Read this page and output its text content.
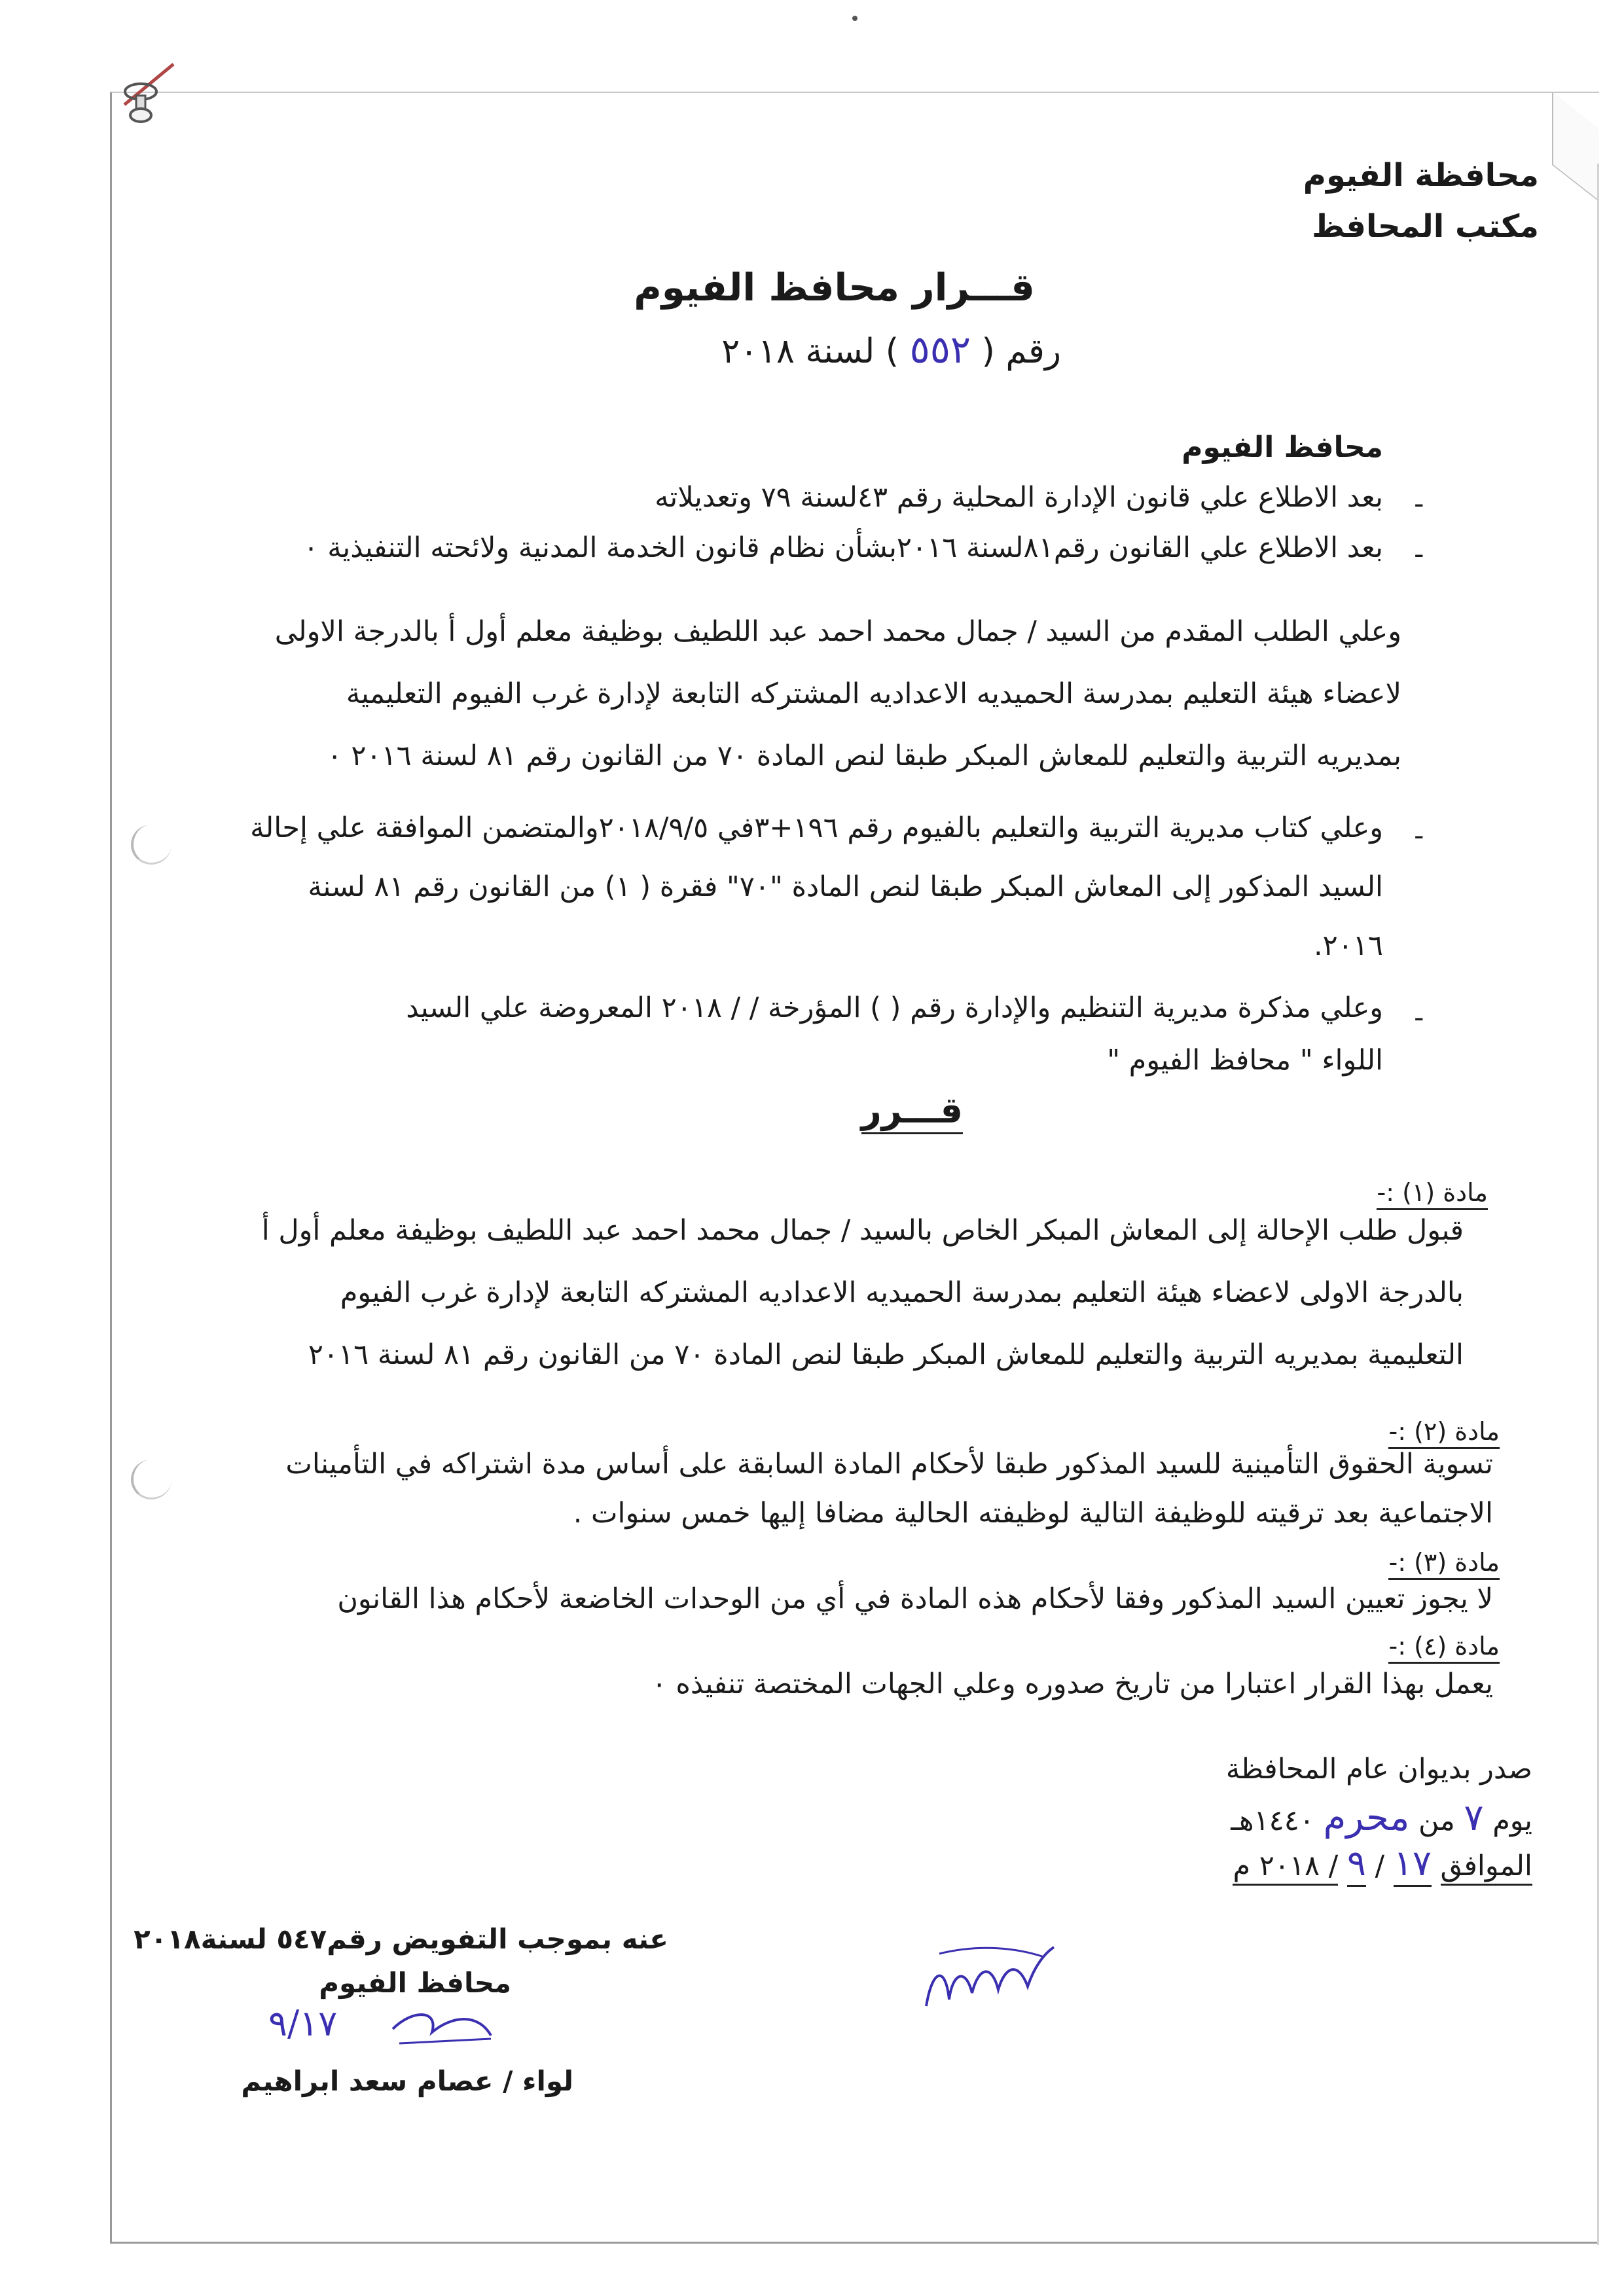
محافظة الفيوم
مكتب المحافظ
قـــرار محافظ الفيوم
رقم ( ٥٥٢ ) لسنة ٢٠١٨
محافظ الفيوم
-
بعد الاطلاع علي قانون الإدارة المحلية رقم ٤٣لسنة ٧٩ وتعديلاته
-
بعد الاطلاع علي القانون رقم٨١لسنة ٢٠١٦بشأن نظام قانون الخدمة المدنية ولائحته التنفيذية ٠
وعلي الطلب المقدم من السيد / جمال محمد احمد عبد اللطيف بوظيفة معلم أول أ بالدرجة الاولى
لاعضاء هيئة التعليم بمدرسة الحميديه الاعداديه المشتركه التابعة لإدارة غرب الفيوم التعليمية
بمديريه التربية والتعليم للمعاش المبكر طبقا لنص المادة ٧٠ من القانون رقم ٨١ لسنة ٢٠١٦ ٠
-
وعلي كتاب مديرية التربية والتعليم بالفيوم رقم ١٩٦+٣في ٢٠١٨/٩/٥والمتضمن الموافقة علي إحالة
السيد المذكور إلى المعاش المبكر طبقا لنص المادة "٧٠" فقرة ( ١) من القانون رقم ٨١ لسنة
٢٠١٦.
-
وعلي مذكرة مديرية التنظيم والإدارة رقم ( ) المؤرخة / / ٢٠١٨ المعروضة علي السيد
اللواء " محافظ الفيوم "
قـــرر
مادة (١) :-
قبول طلب الإحالة إلى المعاش المبكر الخاص بالسيد / جمال محمد احمد عبد اللطيف بوظيفة معلم أول أ
بالدرجة الاولى لاعضاء هيئة التعليم بمدرسة الحميديه الاعداديه المشتركه التابعة لإدارة غرب الفيوم
التعليمية بمديريه التربية والتعليم للمعاش المبكر طبقا لنص المادة ٧٠ من القانون رقم ٨١ لسنة ٢٠١٦
مادة (٢) :-
تسوية الحقوق التأمينية للسيد المذكور طبقا لأحكام المادة السابقة على أساس مدة اشتراكه في التأمينات
الاجتماعية بعد ترقيته للوظيفة التالية لوظيفته الحالية مضافا إليها خمس سنوات .
مادة (٣) :-
لا يجوز تعيين السيد المذكور وفقا لأحكام هذه المادة في أي من الوحدات الخاضعة لأحكام هذا القانون
مادة (٤) :-
يعمل بهذا القرار اعتبارا من تاريخ صدوره وعلي الجهات المختصة تنفيذه ٠
صدر بديوان عام المحافظة
يوم ٧ من محرم ١٤٤٠هـ
الموافق ١٧ / ٩ / ٢٠١٨ م
عنه بموجب التفويض رقم٥٤٧ لسنة٢٠١٨
محافظ الفيوم
٩/١٧
لواء / عصام سعد ابراهيم
